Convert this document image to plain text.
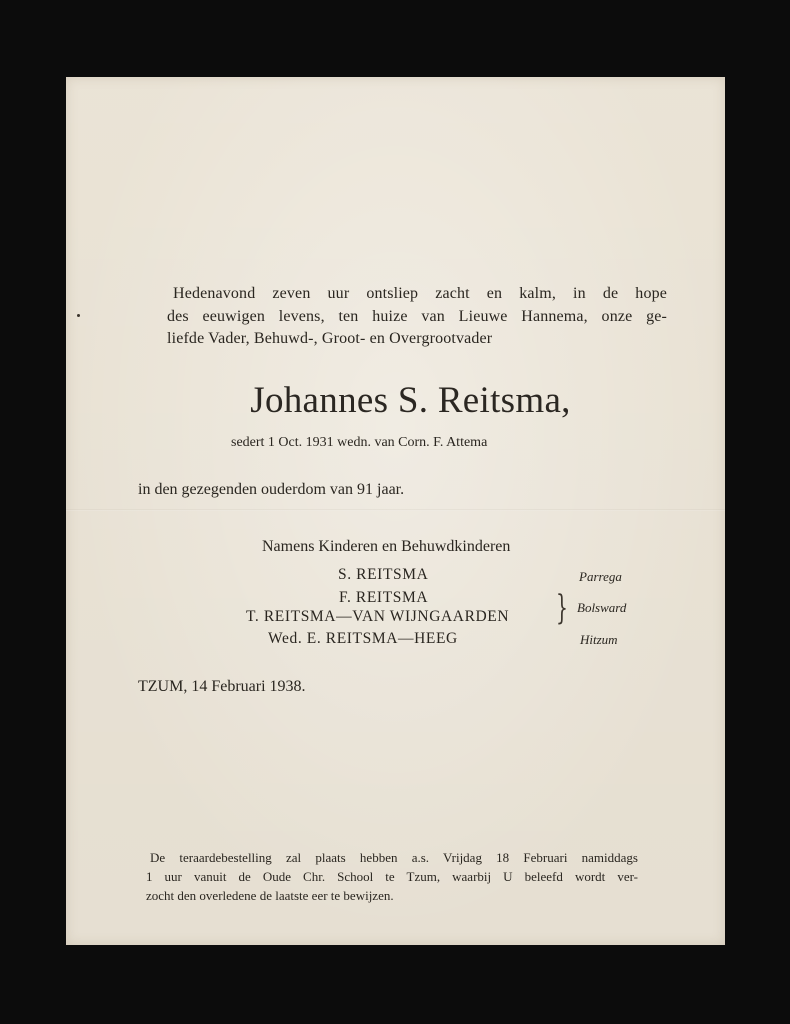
Hedenavond zeven uur ontsliep zacht en kalm, in de hope
des eeuwigen levens, ten huize van Lieuwe Hannema, onze ge-
liefde Vader, Behuwd-, Groot- en Overgrootvader
Johannes S. Reitsma,
sedert 1 Oct. 1931 wedn. van Corn. F. Attema
in den gezegenden ouderdom van 91 jaar.
Namens Kinderen en Behuwdkinderen
S. REITSMA	Parrega
F. REITSMA
T. REITSMA—VAN WIJNGAARDEN } Bolsward
Wed. E. REITSMA—HEEG	Hitzum
TZUM, 14 Februari 1938.
De teraardebestelling zal plaats hebben a.s. Vrijdag 18 Februari namiddags
1 uur vanuit de Oude Chr. School te Tzum, waarbij U beleefd wordt ver-
zocht den overledene de laatste eer te bewijzen.
